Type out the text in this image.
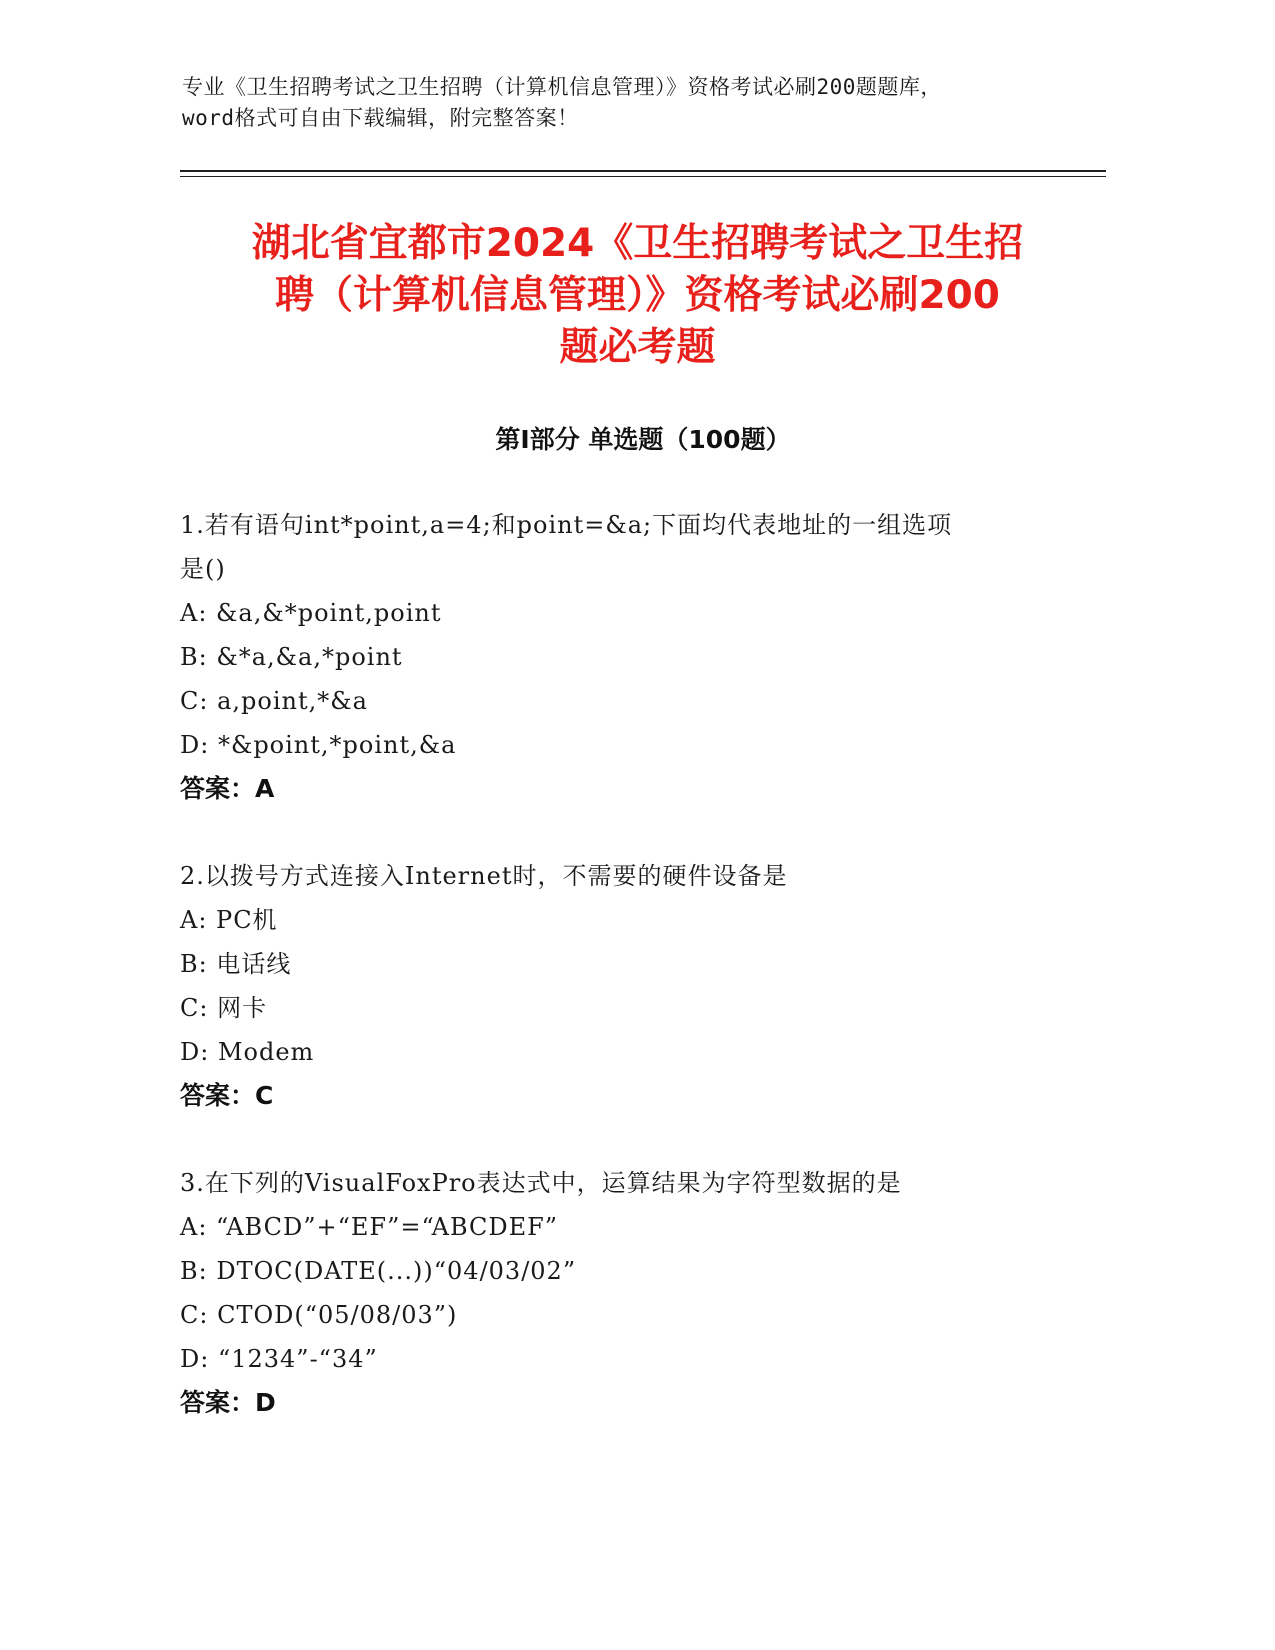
专业《卫生招聘考试之卫生招聘（计算机信息管理）》资格考试必刷200题题库，
word格式可自由下载编辑，附完整答案！
湖北省宜都市2024《卫生招聘考试之卫生招
聘（计算机信息管理）》资格考试必刷200
题必考题
第Ⅰ部分 单选题（100题）
1.若有语句int*point,a=4;和point=&a;下面均代表地址的一组选项
是()
A: &a,&*point,point
B: &*a,&a,*point
C: a,point,*&a
D: *&point,*point,&a
答案：A
2.以拨号方式连接入Internet时，不需要的硬件设备是
A: PC机
B: 电话线
C: 网卡
D: Modem
答案：C
3.在下列的VisualFoxPro表达式中，运算结果为字符型数据的是
A: “ABCD”+“EF”=“ABCDEF”
B: DTOC(DATE(...))“04/03/02”
C: CTOD(“05/08/03”)
D: “1234”-“34”
答案：D
